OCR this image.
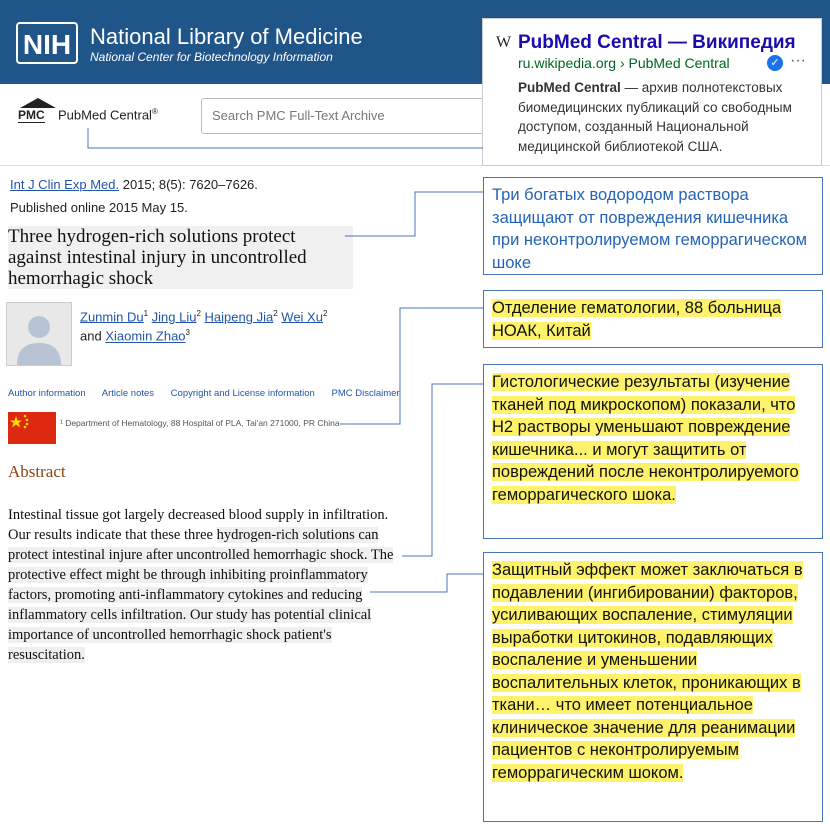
NIH National Library of Medicine
National Center for Biotechnology Information
PMC PubMed Central®	Search PMC Full-Text Archive
W PubMed Central — Википедия
ru.wikipedia.org › PubMed Central	✓ ···
PubMed Central — архив полнотекстовых биомедицинских публикаций со свободным доступом, созданный Национальной медицинской библиотекой США.
Int J Clin Exp Med. 2015; 8(5): 7620–7626.
Published online 2015 May 15.
Three hydrogen-rich solutions protect against intestinal injury in uncontrolled hemorrhagic shock
Zunmin Du$^1$ Jing Liu$^2$ Haipeng Jia$^2$ Wei Xu$^2$
and Xiaomin Zhao$^3$
Author information Article notes Copyright and License information PMC Disclaimer
¹ Department of Hematology, 88 Hospital of PLA, Tai'an 271000, PR China
Abstract
Intestinal tissue got largely decreased blood supply in infiltration. Our results indicate that these three hydrogen-rich solutions can protect intestinal injure after uncontrolled hemorrhagic shock. The protective effect might be through inhibiting proinflammatory factors, promoting anti-inflammatory cytokines and reducing inflammatory cells infiltration. Our study has potential clinical importance of uncontrolled hemorrhagic shock patient's resuscitation.
Три богатых водородом раствора защищают от повреждения кишечника при неконтролируемом геморрагическом шоке
Отделение гематологии, 88 больница НОАК, Китай
Гистологические результаты (изучение тканей под микроскопом) показали, что H2 растворы уменьшают повреждение кишечника... и могут защитить от повреждений после неконтролируемого геморрагического шока.
Защитный эффект может заключаться в подавлении (ингибировании) факторов, усиливающих воспаление, стимуляции выработки цитокинов, подавляющих воспаление и уменьшении воспалительных клеток, проникающих в ткани… что имеет потенциальное клиническое значение для реанимации пациентов с неконтролируемым геморрагическим шоком.
